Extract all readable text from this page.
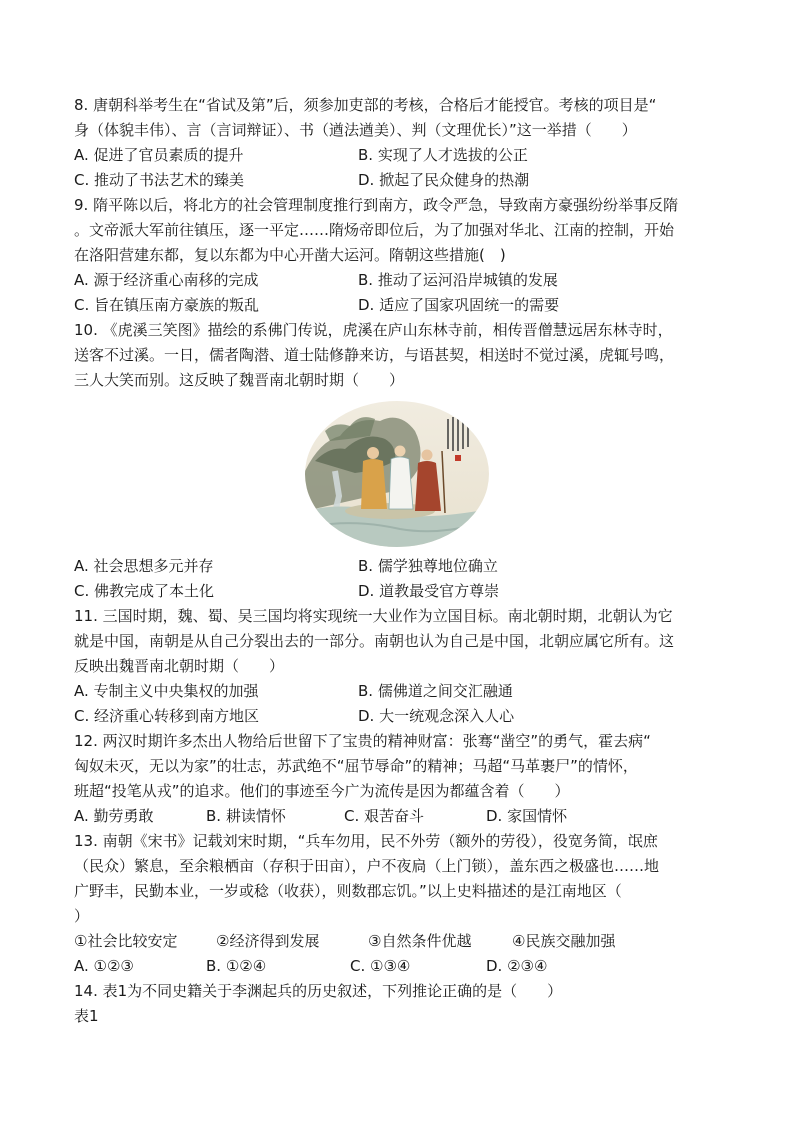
8. 唐朝科举考生在“省试及第”后，须参加吏部的考核，合格后才能授官。考核的项目是“
身（体貌丰伟）、言（言词辩证）、书（遒法遒美）、判（文理优长）”这一举措（　　）
A. 促进了官员素质的提升	B. 实现了人才选拔的公正
C. 推动了书法艺术的臻美	D. 掀起了民众健身的热潮
9. 隋平陈以后，将北方的社会管理制度推行到南方，政令严急，导致南方豪强纷纷举事反隋
。文帝派大军前往镇压，逐一平定……隋炀帝即位后，为了加强对华北、江南的控制，开始
在洛阳营建东都，复以东都为中心开凿大运河。隋朝这些措施(　)
A. 源于经济重心南移的完成	B. 推动了运河沿岸城镇的发展
C. 旨在镇压南方豪族的叛乱	D. 适应了国家巩固统一的需要
10. 《虎溪三笑图》描绘的系佛门传说，虎溪在庐山东林寺前，相传晋僧慧远居东林寺时，
送客不过溪。一日，儒者陶潜、道士陆修静来访，与语甚契，相送时不觉过溪，虎辄号鸣，
三人大笑而别。这反映了魏晋南北朝时期（　　）
A. 社会思想多元并存	B. 儒学独尊地位确立
C. 佛教完成了本土化	D. 道教最受官方尊崇
11. 三国时期，魏、蜀、吴三国均将实现统一大业作为立国目标。南北朝时期，北朝认为它
就是中国，南朝是从自己分裂出去的一部分。南朝也认为自己是中国，北朝应属它所有。这
反映出魏晋南北朝时期（　　）
A. 专制主义中央集权的加强	B. 儒佛道之间交汇融通
C. 经济重心转移到南方地区	D. 大一统观念深入人心
12. 两汉时期许多杰出人物给后世留下了宝贵的精神财富：张骞“凿空”的勇气，霍去病“
匈奴未灭，无以为家”的壮志，苏武绝不“屈节辱命”的精神；马超“马革裹尸”的情怀，
班超“投笔从戎”的追求。他们的事迹至今广为流传是因为都蕴含着（　　）
A. 勤劳勇敢	B. 耕读情怀	C. 艰苦奋斗	D. 家国情怀
13. 南朝《宋书》记载刘宋时期，“兵车勿用，民不外劳（额外的劳役），役宽务简，氓庶
（民众）繁息，至余粮栖亩（存积于田亩），户不夜扃（上门锁），盖东西之极盛也……地
广野丰，民勤本业，一岁或稔（收获），则数郡忘饥。”以上史料描述的是江南地区（
）
①社会比较安定	②经济得到发展	③自然条件优越	④民族交融加强
A. ①②③	B. ①②④	C. ①③④	D. ②③④
14. 表1为不同史籍关于李渊起兵的历史叙述，下列推论正确的是（　　）
表1
